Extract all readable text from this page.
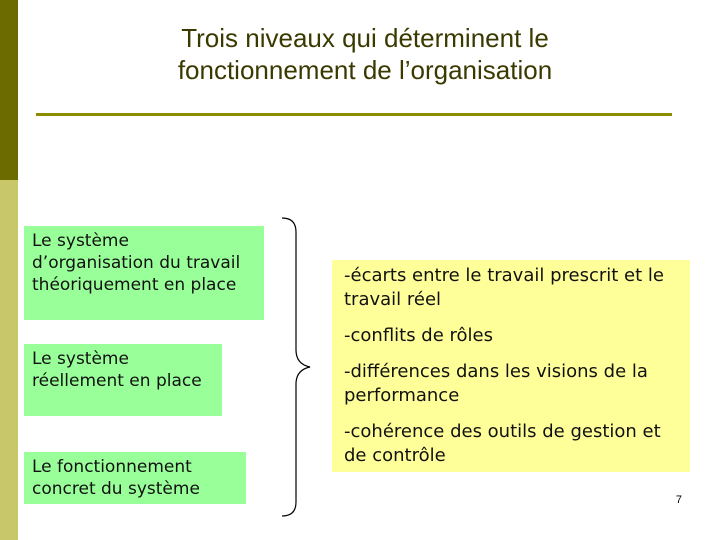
Trois niveaux qui déterminent le
fonctionnement de l’organisation
Le système d’organisation du travail théoriquement en place
Le système réellement en place
Le fonctionnement concret du système

-écarts entre le travail prescrit et le travail réel

-conflits de rôles

-différences dans les visions de la performance

-cohérence des outils de gestion et de contrôle

7
